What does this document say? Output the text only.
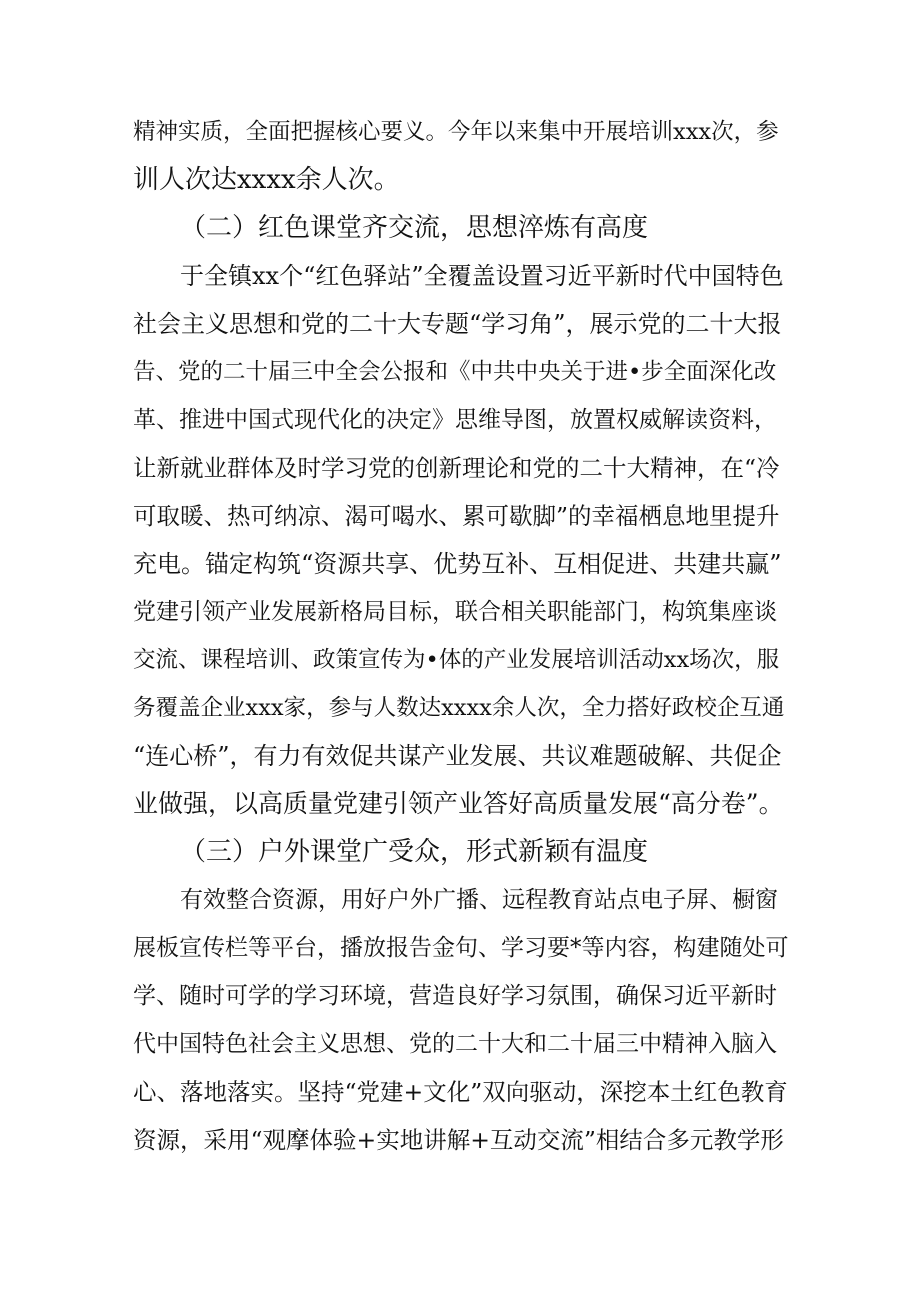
精神实质，全面把握核心要义。今年以来集中开展培训xxx次，参
训人次达xxxx余人次。
（二）红色课堂齐交流，思想淬炼有高度
于全镇xx个“红色驿站”全覆盖设置习近平新时代中国特色
社会主义思想和党的二十大专题“学习角”，展示党的二十大报
告、党的二十届三中全会公报和《中共中央关于进•步全面深化改
革、推进中国式现代化的决定》思维导图，放置权威解读资料，
让新就业群体及时学习党的创新理论和党的二十大精神，在“冷
可取暖、热可纳凉、渴可喝水、累可歇脚”的幸福栖息地里提升
充电。锚定构筑“资源共享、优势互补、互相促进、共建共赢”
党建引领产业发展新格局目标，联合相关职能部门，构筑集座谈
交流、课程培训、政策宣传为•体的产业发展培训活动xx场次，服
务覆盖企业xxx家，参与人数达xxxx余人次，全力搭好政校企互通
“连心桥”，有力有效促共谋产业发展、共议难题破解、共促企
业做强，以高质量党建引领产业答好高质量发展“高分卷”。
（三）户外课堂广受众，形式新颖有温度
有效整合资源，用好户外广播、远程教育站点电子屏、橱窗
展板宣传栏等平台，播放报告金句、学习要*等内容，构建随处可
学、随时可学的学习环境，营造良好学习氛围，确保习近平新时
代中国特色社会主义思想、党的二十大和二十届三中精神入脑入
心、落地落实。坚持“党建+文化”双向驱动，深挖本土红色教育
资源，采用“观摩体验+实地讲解+互动交流”相结合多元教学形
